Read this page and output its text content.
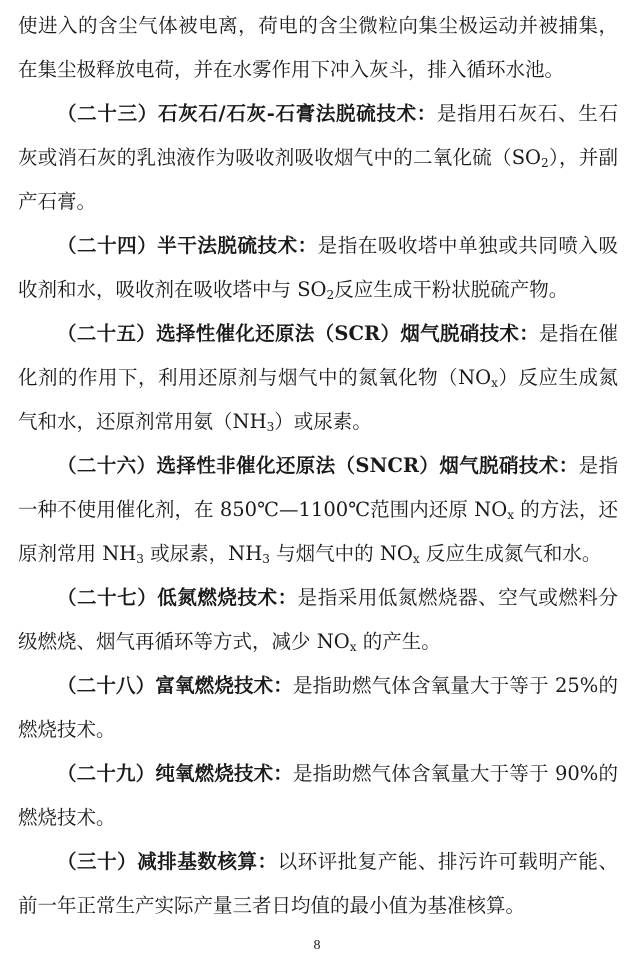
使进入的含尘气体被电离，荷电的含尘微粒向集尘极运动并被捕集，在集尘极释放电荷，并在水雾作用下冲入灰斗，排入循环水池。

（二十三）石灰石/石灰-石膏法脱硫技术：是指用石灰石、生石灰或消石灰的乳浊液作为吸收剂吸收烟气中的二氧化硫$(SO_2)$，并副产石膏。

（二十四）半干法脱硫技术：是指在吸收塔中单独或共同喷入吸收剂和水，吸收剂在吸收塔中与 $SO_2$反应生成干粉状脱硫产物。

（二十五）选择性催化还原法（SCR）烟气脱硝技术：是指在催化剂的作用下，利用还原剂与烟气中的氮氧化物$(NO_x)$反应生成氮气和水，还原剂常用氨$(NH_3)$或尿素。

（二十六）选择性非催化还原法（SNCR）烟气脱硝技术：是指一种不使用催化剂，在 850℃—1100℃范围内还原 $NO_x$ 的方法，还原剂常用 $NH_3$ 或尿素，$NH_3$ 与烟气中的 $NO_x$ 反应生成氮气和水。

（二十七）低氮燃烧技术：是指采用低氮燃烧器、空气或燃料分级燃烧、烟气再循环等方式，减少 $NO_x$ 的产生。

（二十八）富氧燃烧技术：是指助燃气体含氧量大于等于 25%的燃烧技术。

（二十九）纯氧燃烧技术：是指助燃气体含氧量大于等于 90%的燃烧技术。

（三十）减排基数核算：以环评批复产能、排污许可载明产能、前一年正常生产实际产量三者日均值的最小值为基准核算。

8
